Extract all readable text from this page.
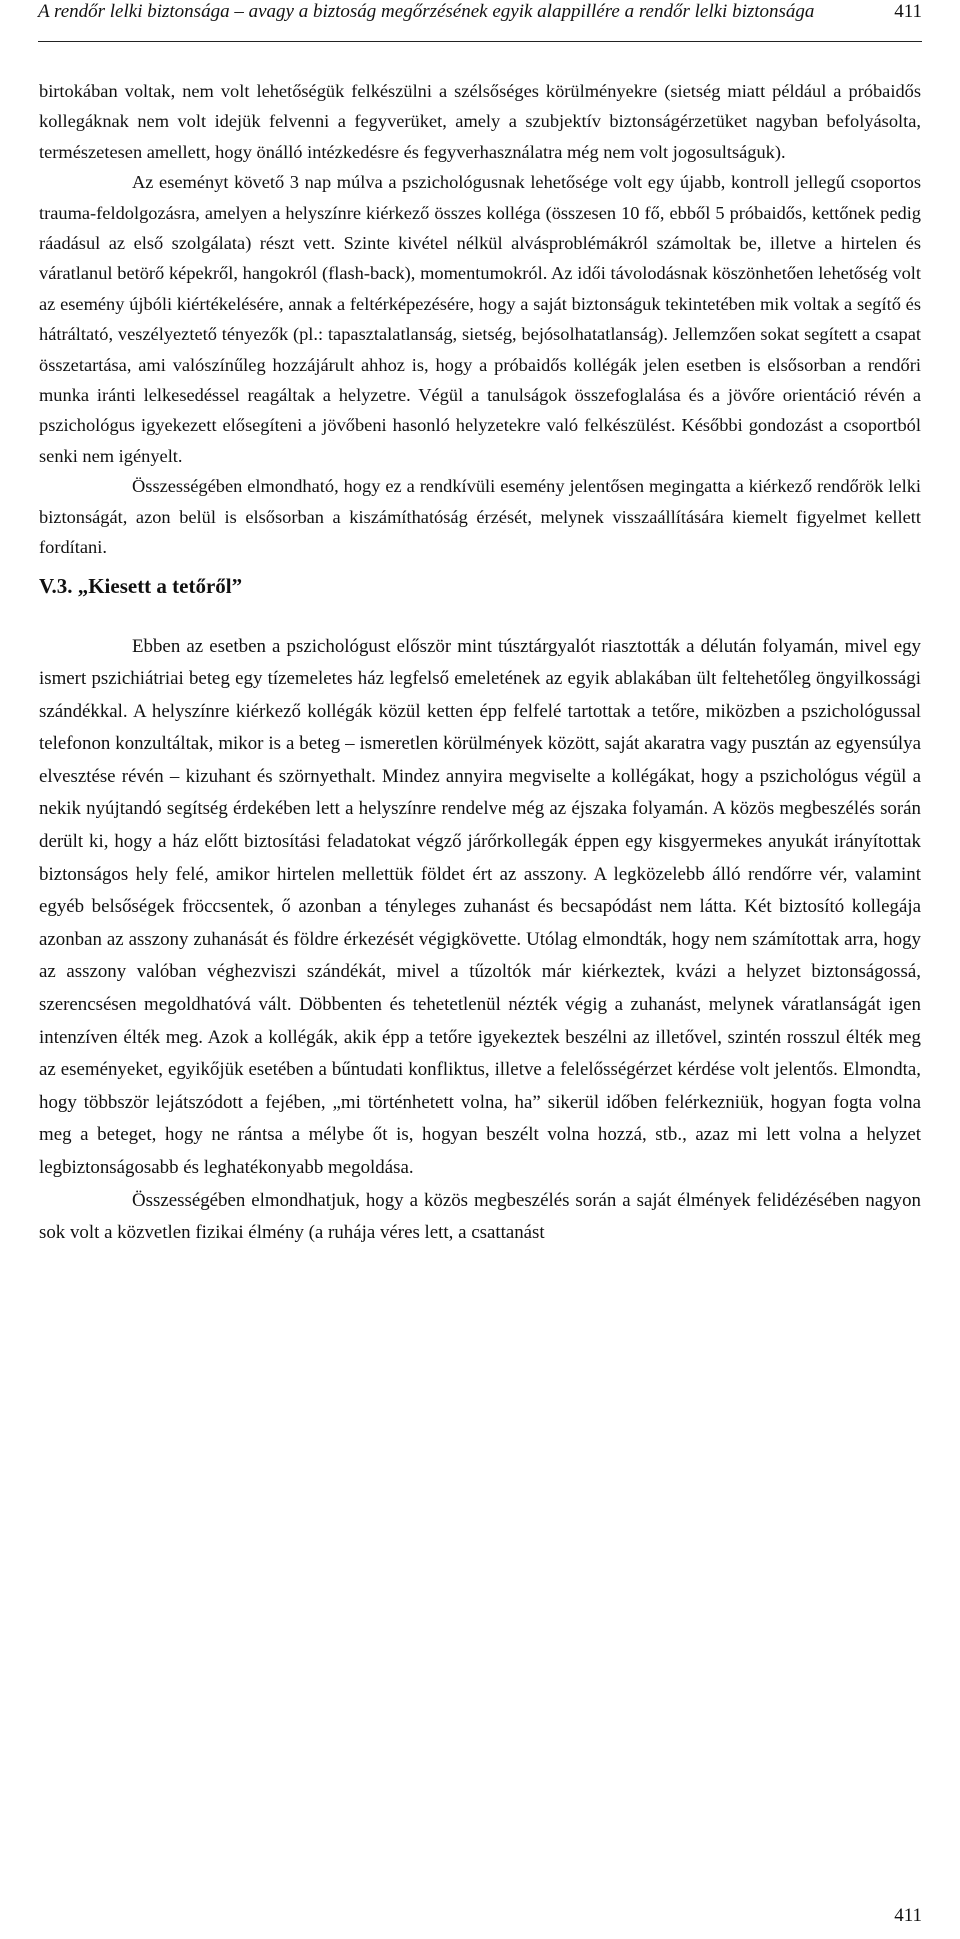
A rendőr lelki biztonsága – avagy a biztoság megőrzésének egyik alappillére a rendőr lelki biztonsága	411

birtokában voltak, nem volt lehetőségük felkészülni a szélsőséges körülményekre (sietség miatt például a próbaidős kollegáknak nem volt idejük felvenni a fegyverüket, amely a szubjektív biztonságérzetüket nagyban befolyásolta, természetesen amellett, hogy önálló intézkedésre és fegyverhasználatra még nem volt jogosultságuk).

Az eseményt követő 3 nap múlva a pszichológusnak lehetősége volt egy újabb, kontroll jellegű csoportos trauma-feldolgozásra, amelyen a helyszínre kiérkező összes kolléga (összesen 10 fő, ebből 5 próbaidős, kettőnek pedig ráadásul az első szolgálata) részt vett. Szinte kivétel nélkül alvásproblémákról számoltak be, illetve a hirtelen és váratlanul betörő képekről, hangokról (flash-back), momentumokról. Az idői távolodásnak köszönhetően lehetőség volt az esemény újbóli kiértékelésére, annak a feltérképezésére, hogy a saját biztonságuk tekintetében mik voltak a segítő és hátráltató, veszélyeztető tényezők (pl.: tapasztalatlanság, sietség, bejósolhatatlanság). Jellemzően sokat segített a csapat összetartása, ami valószínűleg hozzájárult ahhoz is, hogy a próbaidős kollégák jelen esetben is elsősorban a rendőri munka iránti lelkesedéssel reagáltak a helyzetre. Végül a tanulságok összefoglalása és a jövőre orientáció révén a pszichológus igyekezett elősegíteni a jövőbeni hasonló helyzetekre való felkészülést. Későbbi gondozást a csoportból senki nem igényelt.

Összességében elmondható, hogy ez a rendkívüli esemény jelentősen megingatta a kiérkező rendőrök lelki biztonságát, azon belül is elsősorban a kiszámíthatóság érzését, melynek visszaállítására kiemelt figyelmet kellett fordítani.

V.3. „Kiesett a tetőről”

Ebben az esetben a pszichológust először mint túsztárgyalót riasztották a délután folyamán, mivel egy ismert pszichiátriai beteg egy tízemeletes ház legfelső emeletének az egyik ablakában ült feltehetőleg öngyilkossági szándékkal. A helyszínre kiérkező kollégák közül ketten épp felfelé tartottak a tetőre, miközben a pszichológussal telefonon konzultáltak, mikor is a beteg – ismeretlen körülmények között, saját akaratra vagy pusztán az egyensúlya elvesztése révén – kizuhant és szörnyethalt. Mindez annyira megviselte a kollégákat, hogy a pszichológus végül a nekik nyújtandó segítség érdekében lett a helyszínre rendelve még az éjszaka folyamán. A közös megbeszélés során derült ki, hogy a ház előtt biztosítási feladatokat végző járőrkollegák éppen egy kisgyermekes anyukát irányítottak biztonságos hely felé, amikor hirtelen mellettük földet ért az asszony. A legközelebb álló rendőrre vér, valamint egyéb belsőségek fröccsentek, ő azonban a tényleges zuhanást és becsapódást nem látta. Két biztosító kollegája azonban az asszony zuhanását és földre érkezését végigkövette. Utólag elmondták, hogy nem számítottak arra, hogy az asszony valóban véghezviszi szándékát, mivel a tűzoltók már kiérkeztek, kvázi a helyzet biztonságossá, szerencsésen megoldhatóvá vált. Döbbenten és tehetetlenül nézték végig a zuhanást, melynek váratlanságát igen intenzíven élték meg. Azok a kollégák, akik épp a tetőre igyekeztek beszélni az illetővel, szintén rosszul élték meg az eseményeket, egyikőjük esetében a bűntudati konfliktus, illetve a felelősségérzet kérdése volt jelentős. Elmondta, hogy többször lejátszódott a fejében, „mi történhetett volna, ha” sikerül időben felérkezniük, hogyan fogta volna meg a beteget, hogy ne rántsa a mélybe őt is, hogyan beszélt volna hozzá, stb., azaz mi lett volna a helyzet legbiztonságosabb és leghatékonyabb megoldása.

Összességében elmondhatjuk, hogy a közös megbeszélés során a saját élmények felidézésében nagyon sok volt a közvetlen fizikai élmény (a ruhája véres lett, a csattanást

411
